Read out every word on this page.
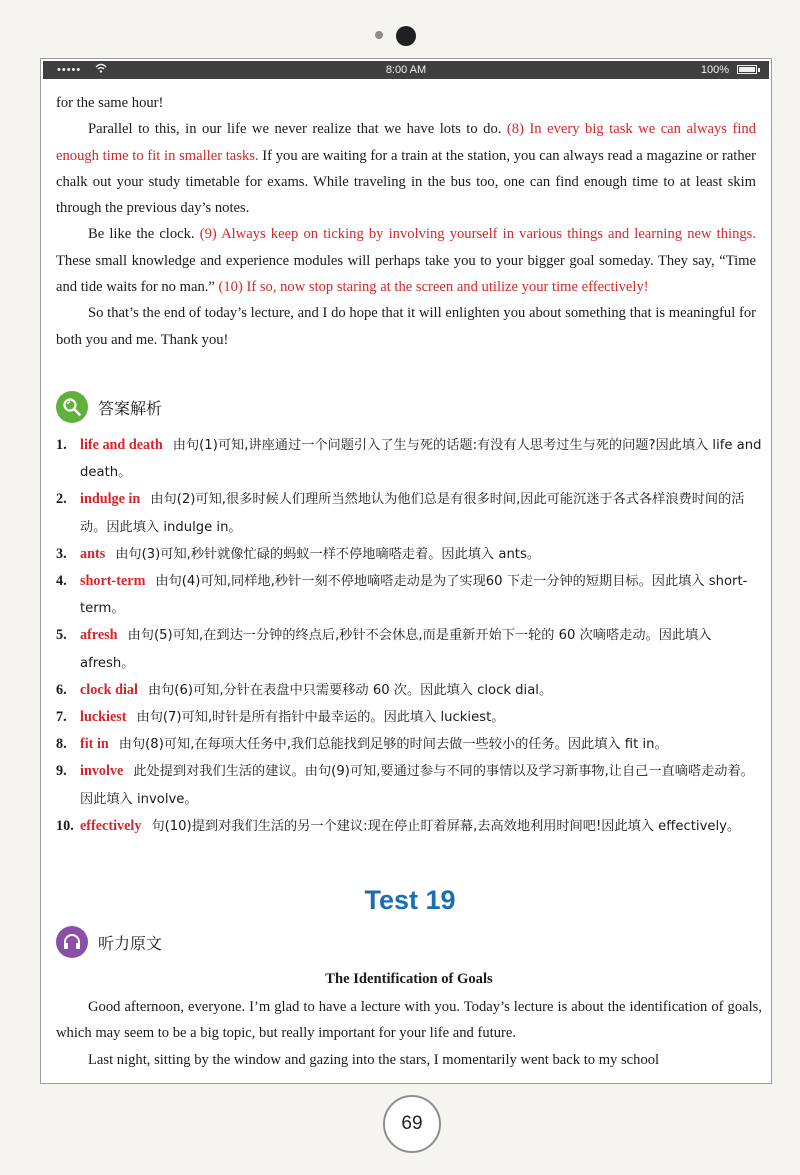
•••••	8:00 AM	100%

for the same hour!

Parallel to this, in our life we never realize that we have lots to do. (8) In every big task we can always find enough time to fit in smaller tasks. If you are waiting for a train at the station, you can always read a magazine or rather chalk out your study timetable for exams. While traveling in the bus too, one can find enough time to at least skim through the previous day’s notes.

Be like the clock. (9) Always keep on ticking by involving yourself in various things and learning new things. These small knowledge and experience modules will perhaps take you to your bigger goal someday. They say, “Time and tide waits for no man.” (10) If so, now stop staring at the screen and utilize your time effectively!

So that’s the end of today’s lecture, and I do hope that it will enlighten you about something that is meaningful for both you and me. Thank you!

答案解析

1. life and death 由句(1)可知,讲座通过一个问题引入了生与死的话题:有没有人思考过生与死的问题?因此填入 life and death。

2. indulge in 由句(2)可知,很多时候人们理所当然地认为他们总是有很多时间,因此可能沉迷于各式各样浪费时间的活动。因此填入 indulge in。

3. ants 由句(3)可知,秒针就像忙碌的蚂蚁一样不停地嘀嗒走着。因此填入 ants。

4. short-term 由句(4)可知,同样地,秒针一刻不停地嘀嗒走动是为了实现60 下走一分钟的短期目标。因此填入 short-term。

5. afresh 由句(5)可知,在到达一分钟的终点后,秒针不会休息,而是重新开始下一轮的 60 次嘀嗒走动。因此填入 afresh。

6. clock dial 由句(6)可知,分针在表盘中只需要移动 60 次。因此填入 clock dial。

7. luckiest 由句(7)可知,时针是所有指针中最幸运的。因此填入 luckiest。

8. fit in 由句(8)可知,在每项大任务中,我们总能找到足够的时间去做一些较小的任务。因此填入 fit in。

9. involve 此处提到对我们生活的建议。由句(9)可知,要通过参与不同的事情以及学习新事物,让自己一直嘀嗒走动着。因此填入 involve。

10. effectively 句(10)提到对我们生活的另一个建议:现在停止盯着屏幕,去高效地利用时间吧!因此填入 effectively。

Test 19
听力原文
The Identification of Goals

Good afternoon, everyone. I’m glad to have a lecture with you. Today’s lecture is about the identification of goals, which may seem to be a big topic, but really important for your life and future.

Last night, sitting by the window and gazing into the stars, I momentarily went back to my school

69
